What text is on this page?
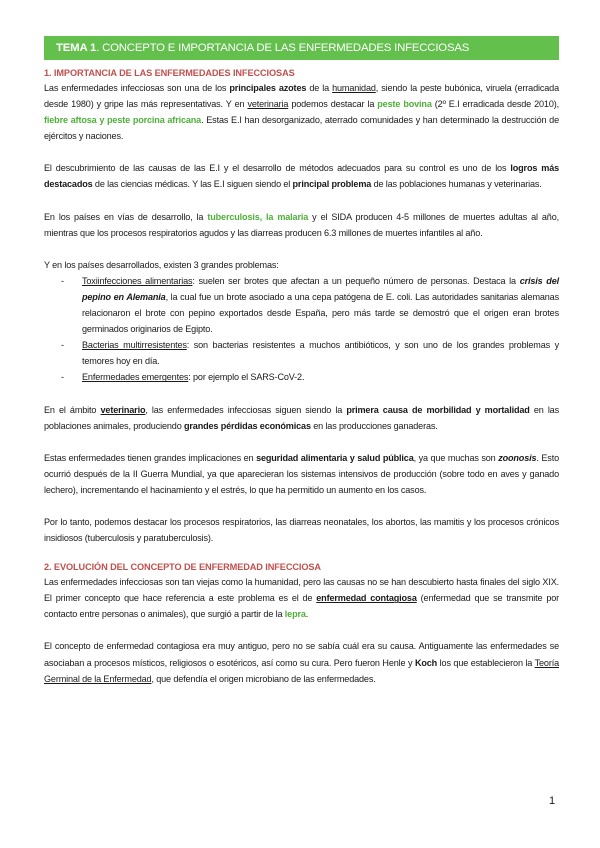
TEMA 1. CONCEPTO E IMPORTANCIA DE LAS ENFERMEDADES INFECCIOSAS
1. IMPORTANCIA DE LAS ENFERMEDADES INFECCIOSAS

Las enfermedades infecciosas son una de los principales azotes de la humanidad, siendo la peste bubónica, viruela (erradicada desde 1980) y gripe las más representativas. Y en veterinaria podemos destacar la peste bovina (2º E.I erradicada desde 2010), fiebre aftosa y peste porcina africana. Estas E.I han desorganizado, aterrado comunidades y han determinado la destrucción de ejércitos y naciones.

El descubrimiento de las causas de las E.I y el desarrollo de métodos adecuados para su control es uno de los logros más destacados de las ciencias médicas. Y las E.I siguen siendo el principal problema de las poblaciones humanas y veterinarias.

En los países en vías de desarrollo, la tuberculosis, la malaria y el SIDA producen 4-5 millones de muertes adultas al año, mientras que los procesos respiratorios agudos y las diarreas producen 6.3 millones de muertes infantiles al año.

Y en los países desarrollados, existen 3 grandes problemas:

- Toxiinfecciones alimentarias: suelen ser brotes que afectan a un pequeño número de personas. Destaca la crisis del pepino en Alemania, la cual fue un brote asociado a una cepa patógena de E. coli. Las autoridades sanitarias alemanas relacionaron el brote con pepino exportados desde España, pero más tarde se demostró que el origen eran brotes germinados originarios de Egipto.
- Bacterias multirresistentes: son bacterias resistentes a muchos antibióticos, y son uno de los grandes problemas y temores hoy en día.
- Enfermedades emergentes: por ejemplo el SARS-CoV-2.

En el ámbito veterinario, las enfermedades infecciosas siguen siendo la primera causa de morbilidad y mortalidad en las poblaciones animales, produciendo grandes pérdidas económicas en las producciones ganaderas.

Estas enfermedades tienen grandes implicaciones en seguridad alimentaria y salud pública, ya que muchas son zoonosis. Esto ocurrió después de la II Guerra Mundial, ya que aparecieran los sistemas intensivos de producción (sobre todo en aves y ganado lechero), incrementando el hacinamiento y el estrés, lo que ha permitido un aumento en los casos.

Por lo tanto, podemos destacar los procesos respiratorios, las diarreas neonatales, los abortos, las mamitis y los procesos crónicos insidiosos (tuberculosis y paratuberculosis).

2. EVOLUCIÓN DEL CONCEPTO DE ENFERMEDAD INFECCIOSA

Las enfermedades infecciosas son tan viejas como la humanidad, pero las causas no se han descubierto hasta finales del siglo XIX. El primer concepto que hace referencia a este problema es el de enfermedad contagiosa (enfermedad que se transmite por contacto entre personas o animales), que surgió a partir de la lepra.

El concepto de enfermedad contagiosa era muy antiguo, pero no se sabía cuál era su causa. Antiguamente las enfermedades se asociaban a procesos místicos, religiosos o esotéricos, así como su cura. Pero fueron Henle y Koch los que establecieron la Teoría Germinal de la Enfermedad, que defendía el origen microbiano de las enfermedades.

1
